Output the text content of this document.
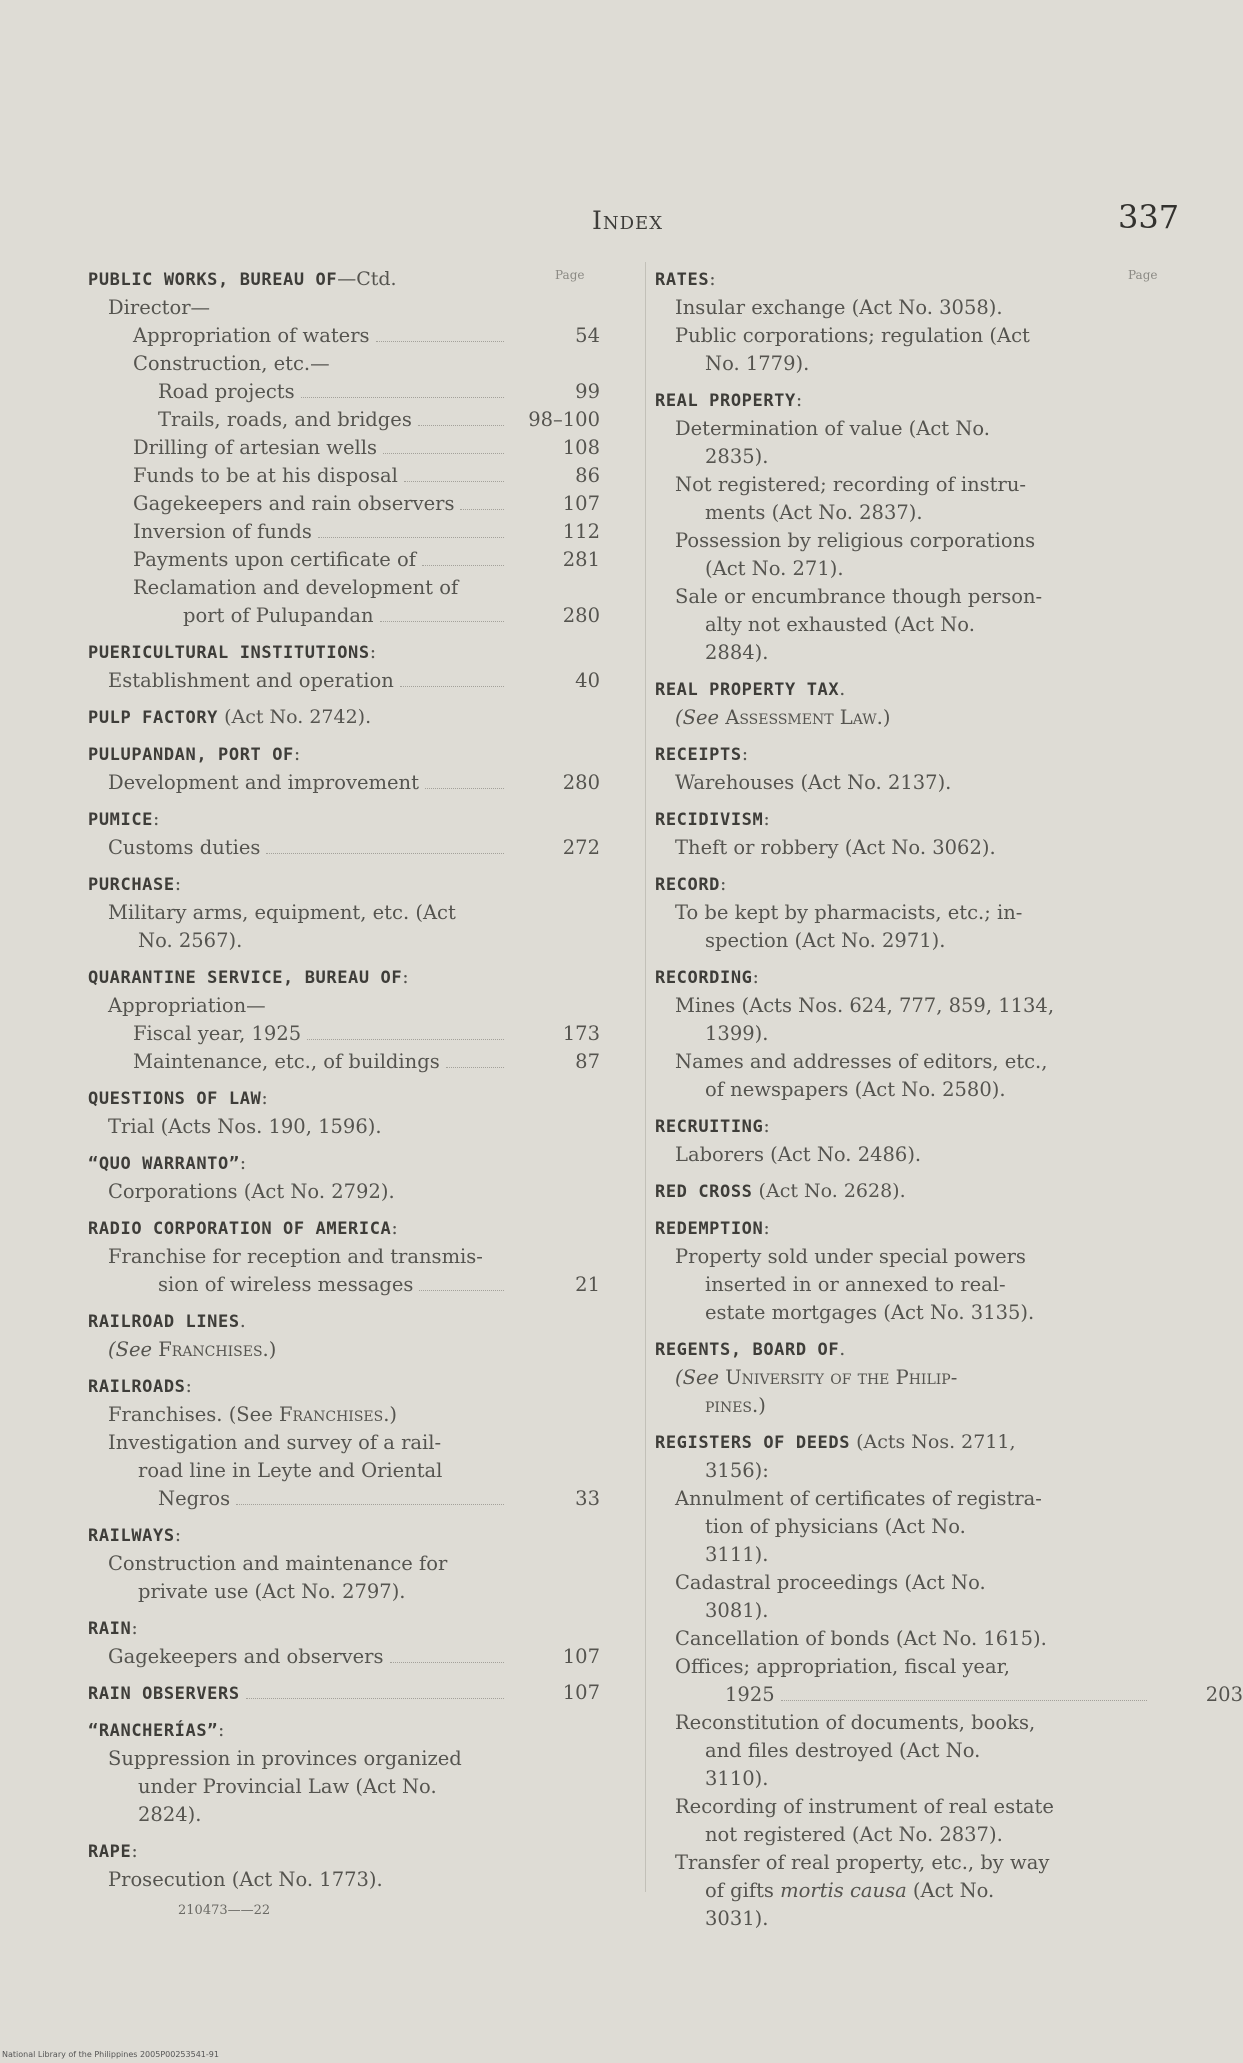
Index	337
Page	Page
PUBLIC WORKS, BUREAU OF—Ctd.
Director—
Appropriation of waters	54
Construction, etc.—
Road projects	99
Trails, roads, and bridges	98–100
Drilling of artesian wells	108
Funds to be at his disposal	86
Gagekeepers and rain observers	107
Inversion of funds	112
Payments upon certificate of	281
Reclamation and development of
port of Pulupandan	280
PUERICULTURAL INSTITUTIONS:
Establishment and operation	40
PULP FACTORY (Act No. 2742).
PULUPANDAN, PORT OF:
Development and improvement	280
PUMICE:
Customs duties	272
PURCHASE:
Military arms, equipment, etc. (Act
No. 2567).
QUARANTINE SERVICE, BUREAU OF:
Appropriation—
Fiscal year, 1925	173
Maintenance, etc., of buildings	87
QUESTIONS OF LAW:
Trial (Acts Nos. 190, 1596).
“QUO WARRANTO”:
Corporations (Act No. 2792).
RADIO CORPORATION OF AMERICA:
Franchise for reception and transmis-
sion of wireless messages	21
RAILROAD LINES.
(See Franchises.)
RAILROADS:
Franchises. (See Franchises.)
Investigation and survey of a rail-
road line in Leyte and Oriental
Negros	33
RAILWAYS:
Construction and maintenance for
private use (Act No. 2797).
RAIN:
Gagekeepers and observers	107
RAIN OBSERVERS	107
“RANCHERÍAS”:
Suppression in provinces organized
under Provincial Law (Act No.
2824).
RAPE:
Prosecution (Act No. 1773).
RATES:
Insular exchange (Act No. 3058).
Public corporations; regulation (Act
No. 1779).
REAL PROPERTY:
Determination of value (Act No.
2835).
Not registered; recording of instru-
ments (Act No. 2837).
Possession by religious corporations
(Act No. 271).
Sale or encumbrance though person-
alty not exhausted (Act No.
2884).
REAL PROPERTY TAX.
(See Assessment Law.)
RECEIPTS:
Warehouses (Act No. 2137).
RECIDIVISM:
Theft or robbery (Act No. 3062).
RECORD:
To be kept by pharmacists, etc.; in-
spection (Act No. 2971).
RECORDING:
Mines (Acts Nos. 624, 777, 859, 1134,
1399).
Names and addresses of editors, etc.,
of newspapers (Act No. 2580).
RECRUITING:
Laborers (Act No. 2486).
RED CROSS (Act No. 2628).
REDEMPTION:
Property sold under special powers
inserted in or annexed to real-
estate mortgages (Act No. 3135).
REGENTS, BOARD OF.
(See University of the Philip-
pines.)
REGISTERS OF DEEDS (Acts Nos. 2711,
3156):
Annulment of certificates of registra-
tion of physicians (Act No.
3111).
Cadastral proceedings (Act No.
3081).
Cancellation of bonds (Act No. 1615).
Offices; appropriation, fiscal year,
1925	203
Reconstitution of documents, books,
and files destroyed (Act No.
3110).
Recording of instrument of real estate
not registered (Act No. 2837).
Transfer of real property, etc., by way
of gifts mortis causa (Act No.
3031).
210473——22
National Library of the Philippines 2005P00253541-91
